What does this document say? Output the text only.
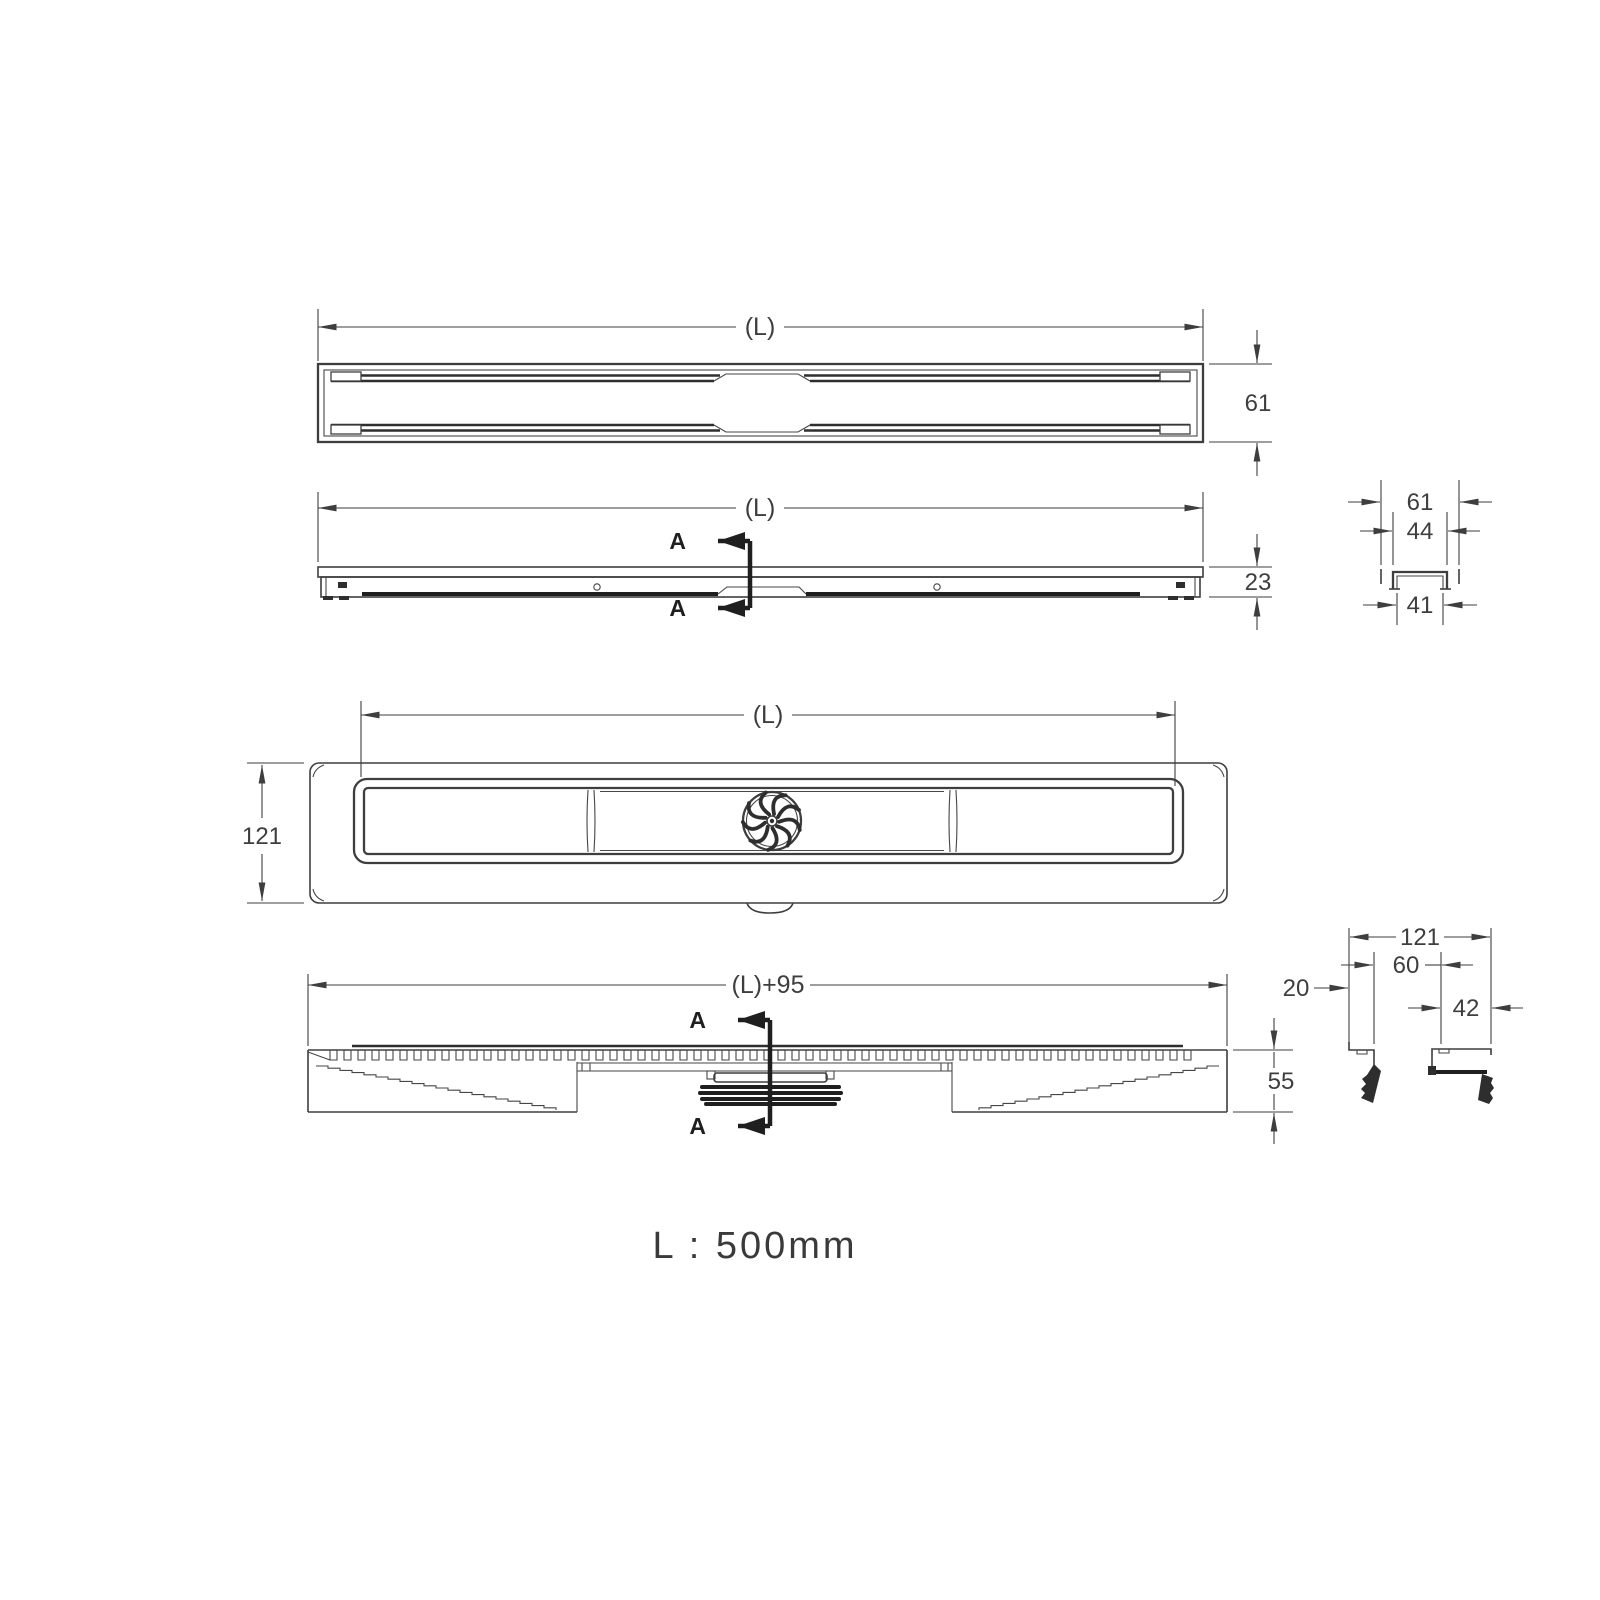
(L)
61
(L)
A
A
23
61
44
41
(L)
121
(L)+95
A
A
55
20
121
60
42
L : 500mm
